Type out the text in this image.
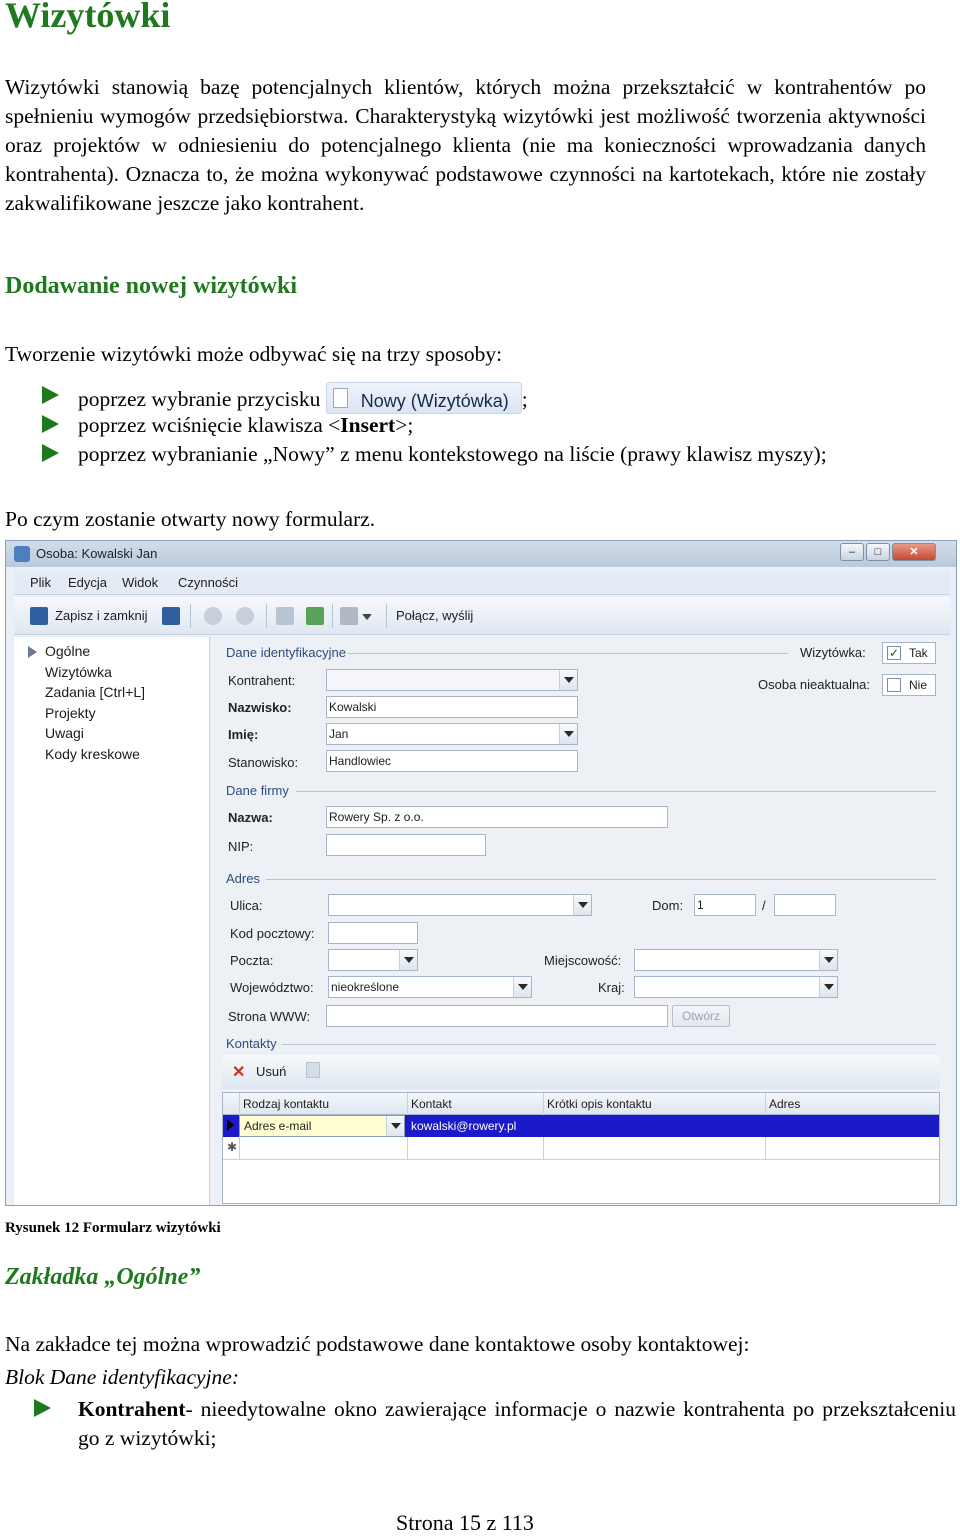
Wizytówki
Wizytówki stanowią bazę potencjalnych klientów, których można przekształcić w kontrahentów po spełnieniu wymogów przedsiębiorstwa. Charakterystyką wizytówki jest możliwość tworzenia aktywności oraz projektów w odniesieniu do potencjalnego klienta (nie ma konieczności wprowadzania danych kontrahenta). Oznacza to, że można wykonywać podstawowe czynności na kartotekach, które nie zostały zakwalifikowane jeszcze jako kontrahent.
Dodawanie nowej wizytówki
Tworzenie wizytówki może odbywać się na trzy sposoby:
poprzez wybranie przycisku Nowy (Wizytówka) ;
poprzez wciśnięcie klawisza <Insert>;
poprzez wybranianie „Nowy” z menu kontekstowego na liście (prawy klawisz myszy);
Po czym zostanie otwarty nowy formularz.
Osoba: Kowalski Jan	–	□	✕
Plik Edycja Widok Czynności
Zapisz i zamknij	Połącz, wyślij
Ogólne
Wizytówka
Zadania [Ctrl+L]
Projekty
Uwagi
Kody kreskowe
Dane identyfikacyjne	Wizytówka: ✓ Tak
Osoba nieaktualna:	Nie
Kontrahent:
Nazwisko:	Kowalski
Imię:	Jan
Stanowisko:	Handlowiec
Dane firmy
Nazwa:	Rowery Sp. z o.o.
NIP:
Adres
Ulica:	Dom: 1	/
Kod pocztowy:
Poczta:	Miejscowość:
Województwo: nieokreślone	Kraj:
Strona WWW:	Otwórz
Kontakty
✕ Usuń
Rodzaj kontaktu	Kontakt	Krótki opis kontaktu	Adres
Adres e-mail	kowalski@rowery.pl
✱
Rysunek 12 Formularz wizytówki
Zakładka „Ogólne”
Na zakładce tej można wprowadzić podstawowe dane kontaktowe osoby kontaktowej:
Blok Dane identyfikacyjne:
Kontrahent- nieedytowalne okno zawierające informacje o nazwie kontrahenta po przekształceniu go z wizytówki;
Strona 15 z 113
